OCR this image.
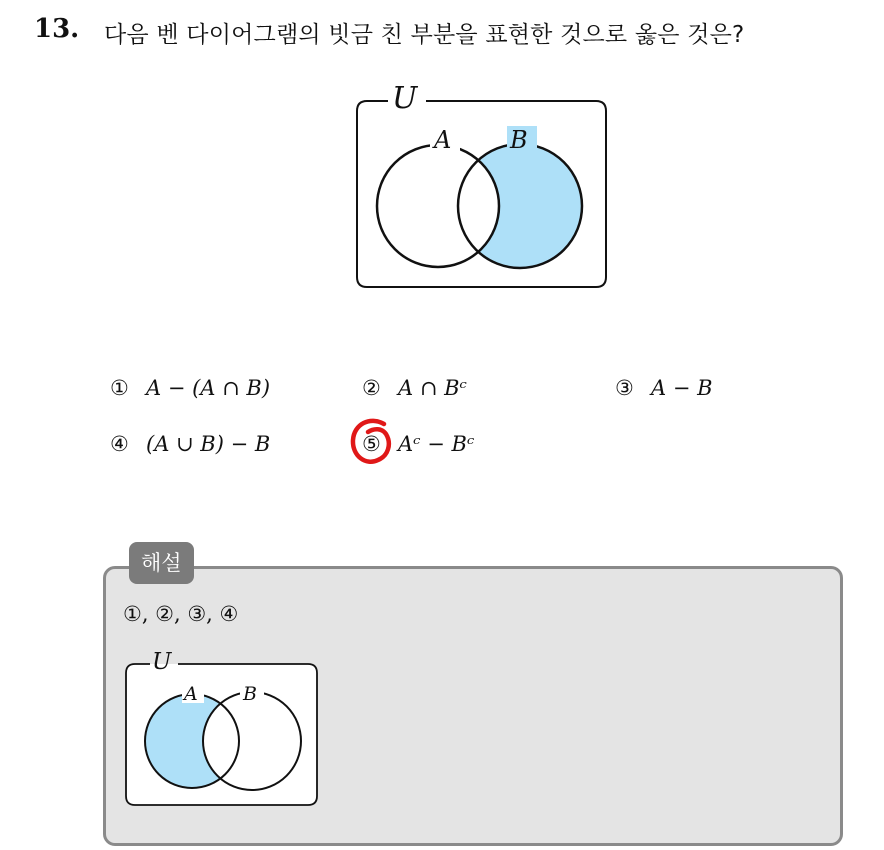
13. 다음 벤 다이어그램의 빗금 친 부분을 표현한 것으로 옳은 것은?
U
A B
① A − (A ∩ B)	② A ∩ Bᶜ	③ A − B
④ (A ∪ B) − B	⑤ Aᶜ − Bᶜ
해설
①, ②, ③, ④
U
A B
